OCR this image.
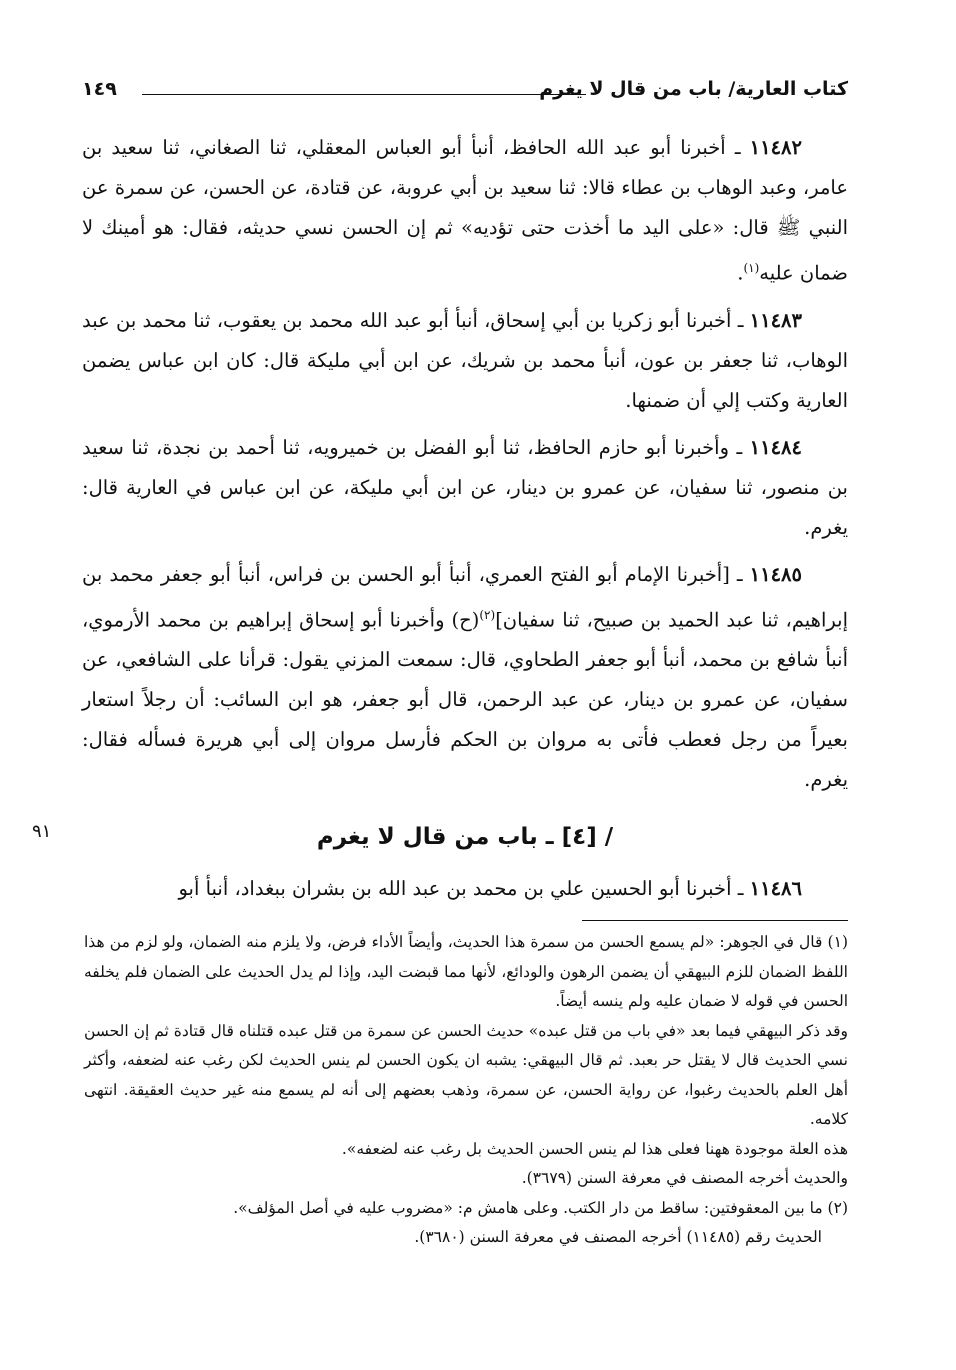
كتاب العارية/ باب من قال لا يغرم
١٤٩

١١٤٨٢ ـ أخبرنا أبو عبد الله الحافظ، أنبأ أبو العباس المعقلي، ثنا الصغاني، ثنا سعيد بن عامر، وعبد الوهاب بن عطاء قالا: ثنا سعيد بن أبي عروبة، عن قتادة، عن الحسن، عن سمرة عن النبي ﷺ قال: «على اليد ما أخذت حتى تؤديه» ثم إن الحسن نسي حديثه، فقال: هو أمينك لا ضمان عليه$^{(١)}$.

١١٤٨٣ ـ أخبرنا أبو زكريا بن أبي إسحاق، أنبأ أبو عبد الله محمد بن يعقوب، ثنا محمد بن عبد الوهاب، ثنا جعفر بن عون، أنبأ محمد بن شريك، عن ابن أبي مليكة قال: كان ابن عباس يضمن العارية وكتب إلي أن ضمنها.

١١٤٨٤ ـ وأخبرنا أبو حازم الحافظ، ثنا أبو الفضل بن خميرويه، ثنا أحمد بن نجدة، ثنا سعيد بن منصور، ثنا سفيان، عن عمرو بن دينار، عن ابن أبي مليكة، عن ابن عباس في العارية قال: يغرم.

١١٤٨٥ ـ [أخبرنا الإمام أبو الفتح العمري، أنبأ أبو الحسن بن فراس، أنبأ أبو جعفر محمد بن إبراهيم، ثنا عبد الحميد بن صبيح، ثنا سفيان]$^{(٢)}$(ح) وأخبرنا أبو إسحاق إبراهيم بن محمد الأرموي، أنبأ شافع بن محمد، أنبأ أبو جعفر الطحاوي، قال: سمعت المزني يقول: قرأنا على الشافعي، عن سفيان، عن عمرو بن دينار، عن عبد الرحمن، قال أبو جعفر، هو ابن السائب: أن رجلاً استعار بعيراً من رجل فعطب فأتى به مروان بن الحكم فأرسل مروان إلى أبي هريرة فسأله فقال: يغرم.

/ [٤] ـ باب من قال لا يغرم
٩١

١١٤٨٦ ـ أخبرنا أبو الحسين علي بن محمد بن عبد الله بن بشران ببغداد، أنبأ أبو

(١) قال في الجوهر: «لم يسمع الحسن من سمرة هذا الحديث، وأيضاً الأداء فرض، ولا يلزم منه الضمان، ولو لزم من هذا اللفظ الضمان للزم البيهقي أن يضمن الرهون والودائع، لأنها مما قبضت اليد، وإذا لم يدل الحديث على الضمان فلم يخلفه الحسن في قوله لا ضمان عليه ولم ينسه أيضاً.

وقد ذكر البيهقي فيما بعد «في باب من قتل عبده» حديث الحسن عن سمرة من قتل عبده قتلناه قال قتادة ثم إن الحسن نسي الحديث قال لا يقتل حر بعبد. ثم قال البيهقي: يشبه ان يكون الحسن لم ينس الحديث لكن رغب عنه لضعفه، وأكثر أهل العلم بالحديث رغبوا، عن رواية الحسن، عن سمرة، وذهب بعضهم إلى أنه لم يسمع منه غير حديث العقيقة. انتهى كلامه.

هذه العلة موجودة ههنا فعلى هذا لم ينس الحسن الحديث بل رغب عنه لضعفه».

والحديث أخرجه المصنف في معرفة السنن (٣٦٧٩).

(٢) ما بين المعقوفتين: ساقط من دار الكتب. وعلى هامش م: «مضروب عليه في أصل المؤلف».

الحديث رقم (١١٤٨٥) أخرجه المصنف في معرفة السنن (٣٦٨٠).
